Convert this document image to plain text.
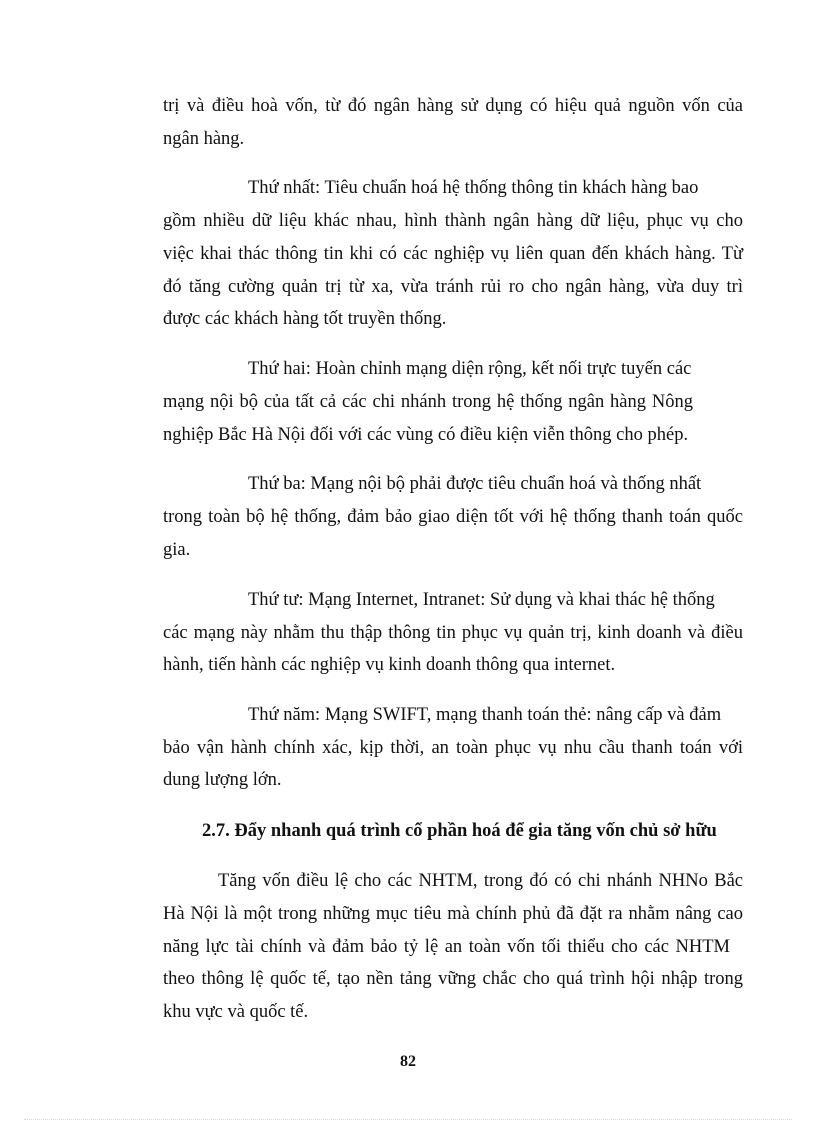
trị và điều hoà vốn, từ đó ngân hàng sử dụng có hiệu quả nguồn vốn của
ngân hàng.
Thứ nhất: Tiêu chuẩn hoá hệ thống thông tin khách hàng bao
gồm nhiều dữ liệu khác nhau, hình thành ngân hàng dữ liệu, phục vụ cho
việc khai thác thông tin khi có các nghiệp vụ liên quan đến khách hàng. Từ
đó tăng cường quản trị từ xa, vừa tránh rủi ro cho ngân hàng, vừa duy trì
được các khách hàng tốt truyền thống.
Thứ hai: Hoàn chỉnh mạng diện rộng, kết nối trực tuyến các
mạng nội bộ của tất cả các chi nhánh trong hệ thống ngân hàng Nông
nghiệp Bắc Hà Nội đối với các vùng có điều kiện viễn thông cho phép.
Thứ ba: Mạng nội bộ phải được tiêu chuẩn hoá và thống nhất
trong toàn bộ hệ thống, đảm bảo giao diện tốt với hệ thống thanh toán quốc
gia.
Thứ tư: Mạng Internet, Intranet: Sử dụng và khai thác hệ thống
các mạng này nhằm thu thập thông tin phục vụ quản trị, kinh doanh và điều
hành, tiến hành các nghiệp vụ kinh doanh thông qua internet.
Thứ năm: Mạng SWIFT, mạng thanh toán thẻ: nâng cấp và đảm
bảo vận hành chính xác, kịp thời, an toàn phục vụ nhu cầu thanh toán với
dung lượng lớn.
2.7. Đẩy nhanh quá trình cổ phần hoá để gia tăng vốn chủ sở hữu
Tăng vốn điều lệ cho các NHTM, trong đó có chi nhánh NHNo Bắc
Hà Nội là một trong những mục tiêu mà chính phủ đã đặt ra nhằm nâng cao
năng lực tài chính và đảm bảo tỷ lệ an toàn vốn tối thiểu cho các NHTM
theo thông lệ quốc tế, tạo nền tảng vững chắc cho quá trình hội nhập trong
khu vực và quốc tế.
82
